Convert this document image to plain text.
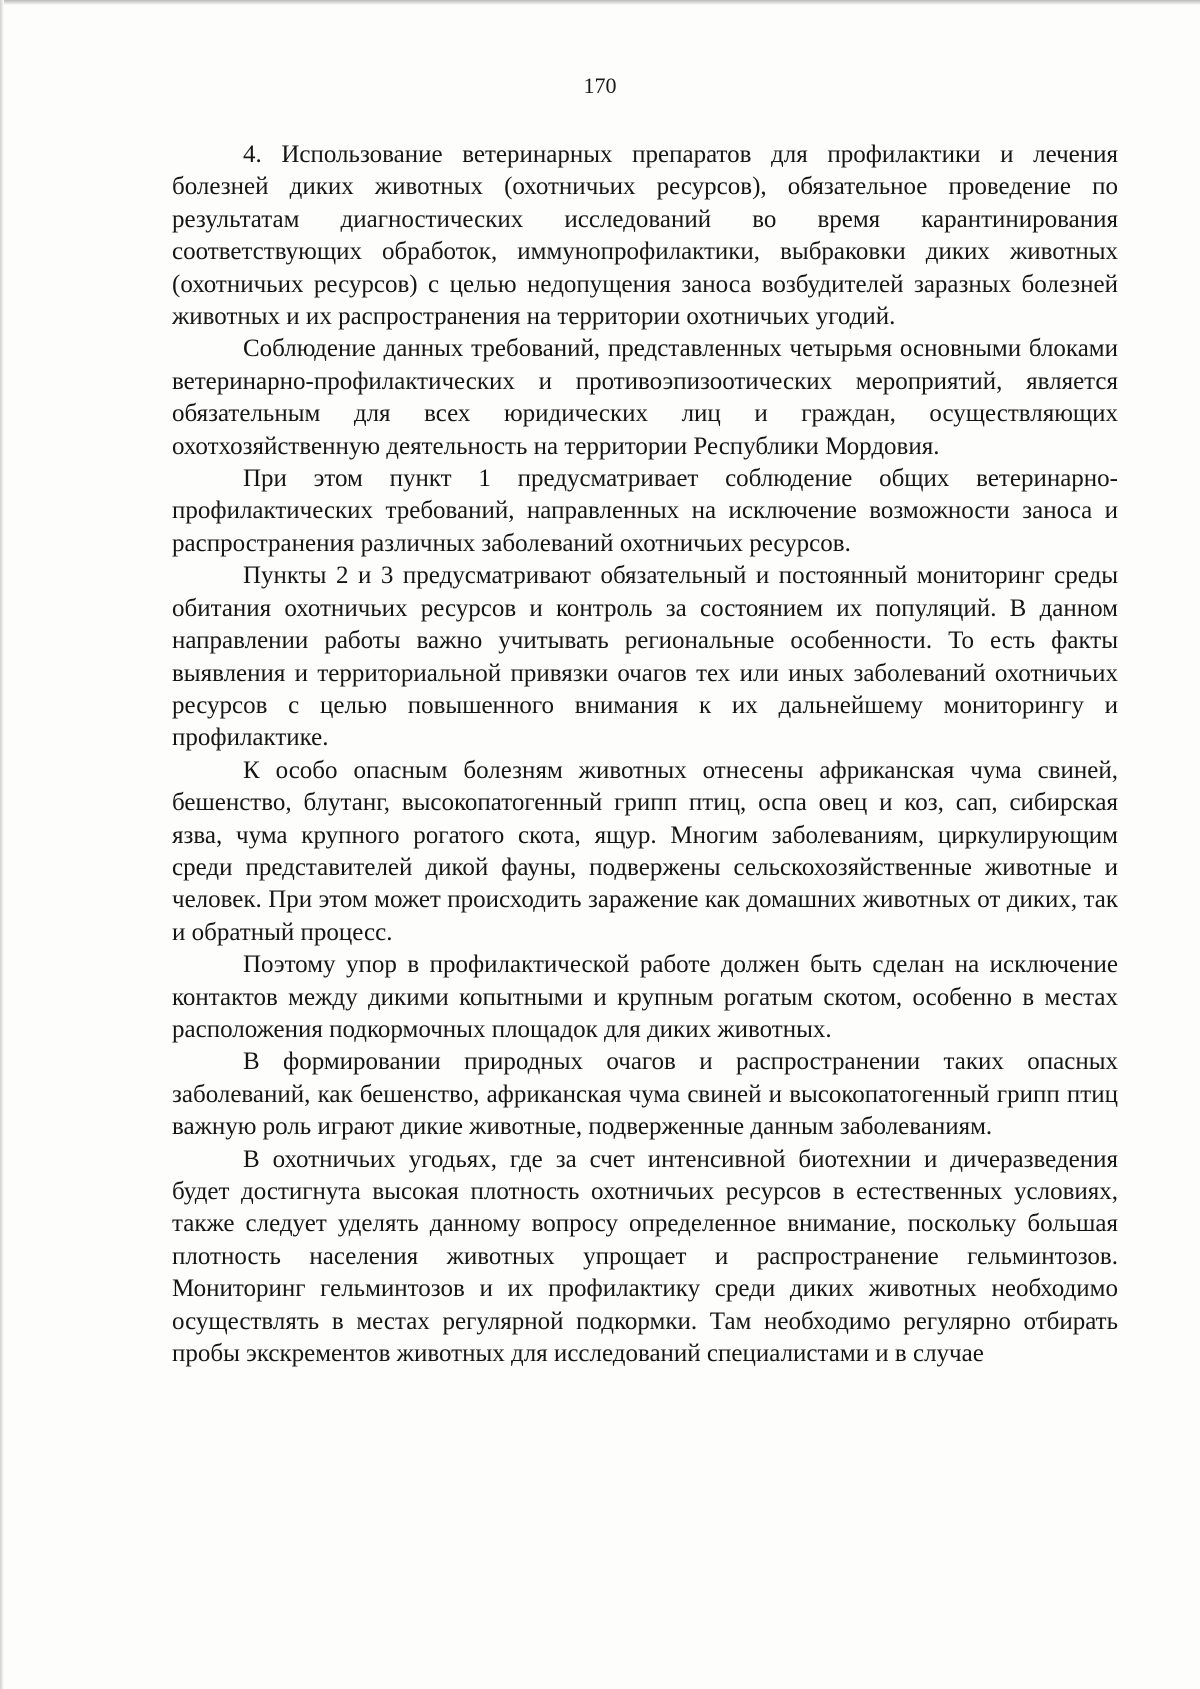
170

4. Использование ветеринарных препаратов для профилактики и лечения болезней диких животных (охотничьих ресурсов), обязательное проведение по результатам диагностических исследований во время карантинирования соответствующих обработок, иммунопрофилактики, выбраковки диких животных (охотничьих ресурсов) с целью недопущения заноса возбудителей заразных болезней животных и их распространения на территории охотничьих угодий.

Соблюдение данных требований, представленных четырьмя основными блоками ветеринарно-профилактических и противоэпизоотических мероприятий, является обязательным для всех юридических лиц и граждан, осуществляющих охотхозяйственную деятельность на территории Республики Мордовия.

При этом пункт 1 предусматривает соблюдение общих ветеринарно-профилактических требований, направленных на исключение возможности заноса и распространения различных заболеваний охотничьих ресурсов.

Пункты 2 и 3 предусматривают обязательный и постоянный мониторинг среды обитания охотничьих ресурсов и контроль за состоянием их популяций. В данном направлении работы важно учитывать региональные особенности. То есть факты выявления и территориальной привязки очагов тех или иных заболеваний охотничьих ресурсов с целью повышенного внимания к их дальнейшему мониторингу и профилактике.

К особо опасным болезням животных отнесены африканская чума свиней, бешенство, блутанг, высокопатогенный грипп птиц, оспа овец и коз, сап, сибирская язва, чума крупного рогатого скота, ящур. Многим заболеваниям, циркулирующим среди представителей дикой фауны, подвержены сельскохозяйственные животные и человек. При этом может происходить заражение как домашних животных от диких, так и обратный процесс.

Поэтому упор в профилактической работе должен быть сделан на исключение контактов между дикими копытными и крупным рогатым скотом, особенно в местах расположения подкормочных площадок для диких животных.

В формировании природных очагов и распространении таких опасных заболеваний, как бешенство, африканская чума свиней и высокопатогенный грипп птиц важную роль играют дикие животные, подверженные данным заболеваниям.

В охотничьих угодьях, где за счет интенсивной биотехнии и дичеразведения будет достигнута высокая плотность охотничьих ресурсов в естественных условиях, также следует уделять данному вопросу определенное внимание, поскольку большая плотность населения животных упрощает и распространение гельминтозов. Мониторинг гельминтозов и их профилактику среди диких животных необходимо осуществлять в местах регулярной подкормки. Там необходимо регулярно отбирать пробы экскрементов животных для исследований специалистами и в случае
